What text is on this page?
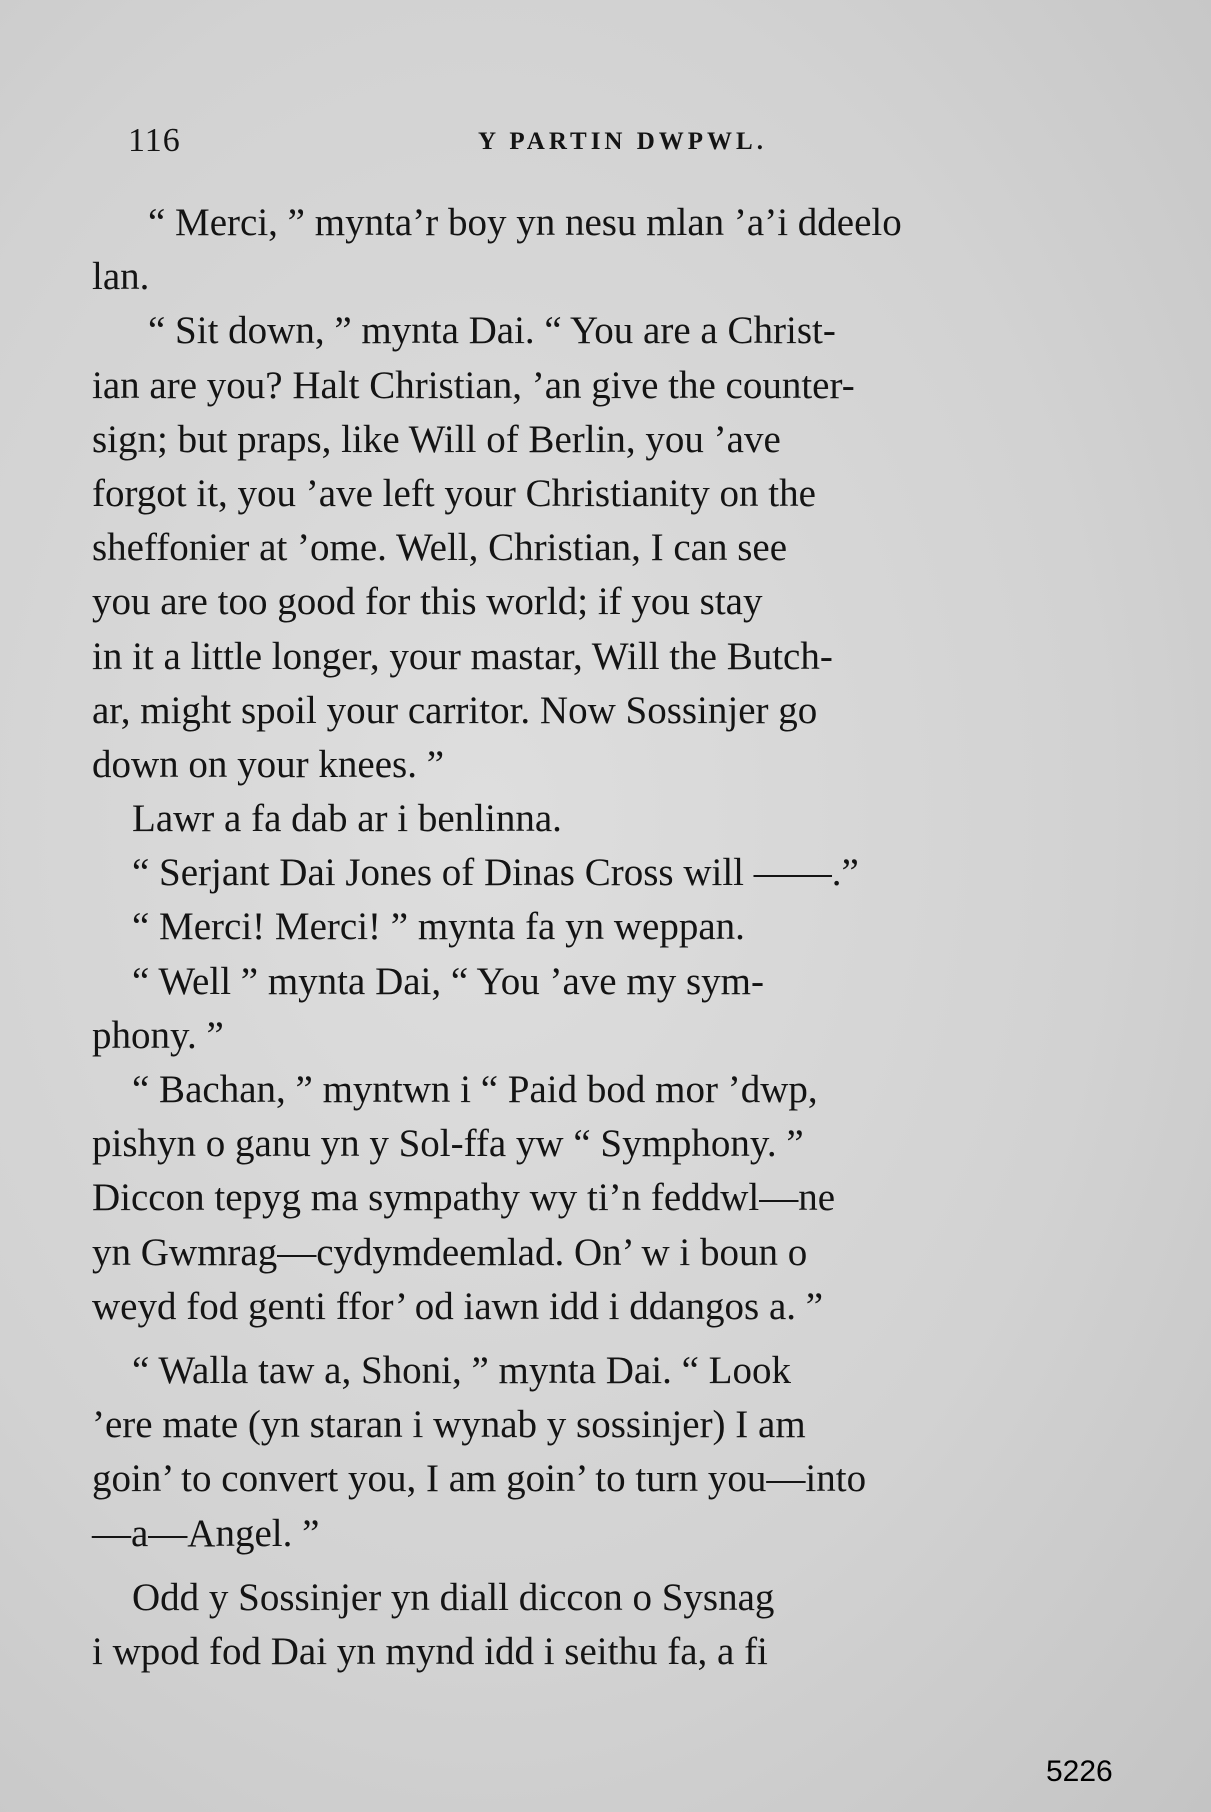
116	Y PARTIN DWPWL.
“ Merci, ” mynta’r boy yn nesu mlan ’a’i ddeelo
lan.
“ Sit down, ” mynta Dai. “ You are a Christ-
ian are you? Halt Christian, ’an give the counter-
sign; but praps, like Will of Berlin, you ’ave
forgot it, you ’ave left your Christianity on the
sheffonier at ’ome. Well, Christian, I can see
you are too good for this world; if you stay
in it a little longer, your mastar, Will the Butch-
ar, might spoil your carritor. Now Sossinjer go
down on your knees. ”
Lawr a fa dab ar i benlinna.
“ Serjant Dai Jones of Dinas Cross will ——.”
“ Merci! Merci! ” mynta fa yn weppan.
“ Well ” mynta Dai, “ You ’ave my sym-
phony. ”
“ Bachan, ” myntwn i “ Paid bod mor ’dwp,
pishyn o ganu yn y Sol-ffa yw “ Symphony. ”
Diccon tepyg ma sympathy wy ti’n feddwl—ne
yn Gwmrag—cydymdeemlad. On’ w i boun o
weyd fod genti ffor’ od iawn idd i ddangos a. ”
“ Walla taw a, Shoni, ” mynta Dai. “ Look
’ere mate (yn staran i wynab y sossinjer) I am
goin’ to convert you, I am goin’ to turn you—into
—a—Angel. ”
Odd y Sossinjer yn diall diccon o Sysnag
i wpod fod Dai yn mynd idd i seithu fa, a fi
5226
